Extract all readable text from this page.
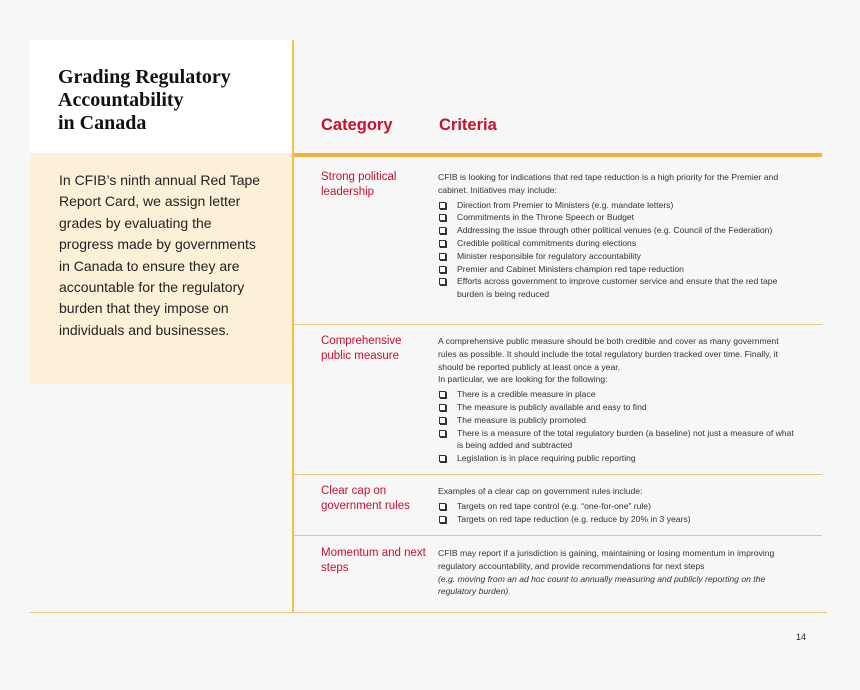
Grading Regulatory
Accountability
in Canada

In CFIB’s ninth annual Red Tape Report Card, we assign letter grades by evaluating the progress made by governments in Canada to ensure they are accountable for the regulatory burden that they impose on individuals and businesses.

Category	Criteria
Strong political leadership

CFIB is looking for indications that red tape reduction is a high priority for the Premier and cabinet. Initiatives may include:

Direction from Premier to Ministers (e.g. mandate letters)
Commitments in the Throne Speech or Budget
Addressing the issue through other political venues (e.g. Council of the Federation)
Credible political commitments during elections
Minister responsible for regulatory accountability
Premier and Cabinet Ministers champion red tape reduction
Efforts across government to improve customer service and ensure that the red tape burden is being reduced
Comprehensive public measure

A comprehensive public measure should be both credible and cover as many government rules as possible. It should include the total regulatory burden tracked over time. Finally, it should be reported publicly at least once a year.

In particular, we are looking for the following:

There is a credible measure in place
The measure is publicly available and easy to find
The measure is publicly promoted
There is a measure of the total regulatory burden (a baseline) not just a measure of what is being added and subtracted
Legislation is in place requiring public reporting
Clear cap on government rules

Examples of a clear cap on government rules include:

Targets on red tape control (e.g. “one-for-one” rule)
Targets on red tape reduction (e.g. reduce by 20% in 3 years)
Momentum and next steps

CFIB may report if a jurisdiction is gaining, maintaining or losing momentum in improving regulatory accountability, and provide recommendations for next steps

(e.g. moving from an ad hoc count to annually measuring and publicly reporting on the regulatory burden).

14
